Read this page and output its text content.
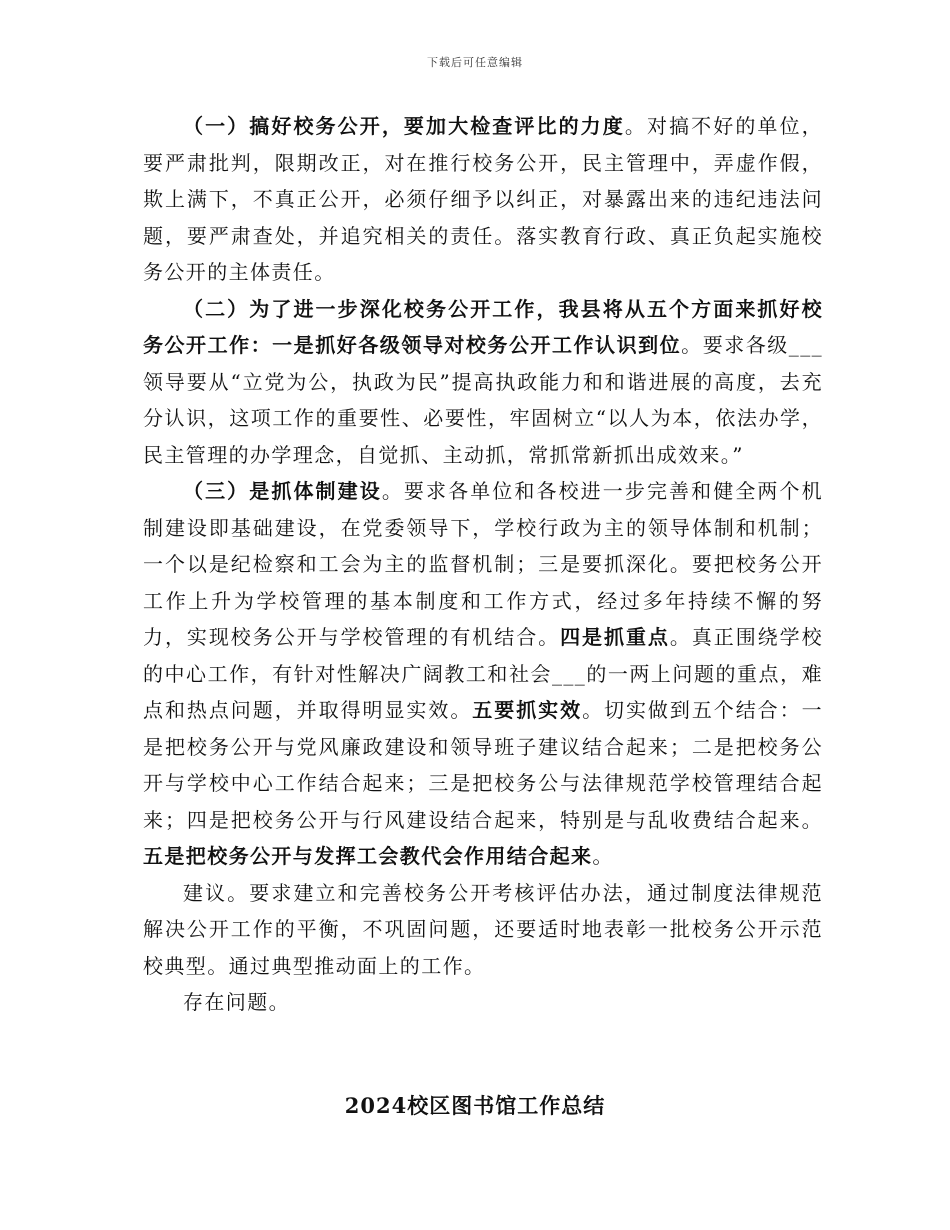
下载后可任意编辑

（一）搞好校务公开，要加大检查评比的力度。对搞不好的单位，要严肃批判，限期改正，对在推行校务公开，民主管理中，弄虚作假，欺上满下，不真正公开，必须仔细予以纠正，对暴露出来的违纪违法问题，要严肃查处，并追究相关的责任。落实教育行政、真正负起实施校务公开的主体责任。

（二）为了进一步深化校务公开工作，我县将从五个方面来抓好校务公开工作：一是抓好各级领导对校务公开工作认识到位。要求各级___领导要从“立党为公，执政为民”提高执政能力和和谐进展的高度，去充分认识，这项工作的重要性、必要性，牢固树立“以人为本，依法办学，民主管理的办学理念，自觉抓、主动抓，常抓常新抓出成效来。”

（三）是抓体制建设。要求各单位和各校进一步完善和健全两个机制建设即基础建设，在党委领导下，学校行政为主的领导体制和机制；一个以是纪检察和工会为主的监督机制；三是要抓深化。要把校务公开工作上升为学校管理的基本制度和工作方式，经过多年持续不懈的努力，实现校务公开与学校管理的有机结合。四是抓重点。真正围绕学校的中心工作，有针对性解决广阔教工和社会___的一两上问题的重点，难点和热点问题，并取得明显实效。五要抓实效。切实做到五个结合：一是把校务公开与党风廉政建设和领导班子建议结合起来；二是把校务公开与学校中心工作结合起来；三是把校务公与法律规范学校管理结合起来；四是把校务公开与行风建设结合起来，特别是与乱收费结合起来。五是把校务公开与发挥工会教代会作用结合起来。

建议。要求建立和完善校务公开考核评估办法，通过制度法律规范解决公开工作的平衡，不巩固问题，还要适时地表彰一批校务公开示范校典型。通过典型推动面上的工作。

存在问题。

2024校区图书馆工作总结
